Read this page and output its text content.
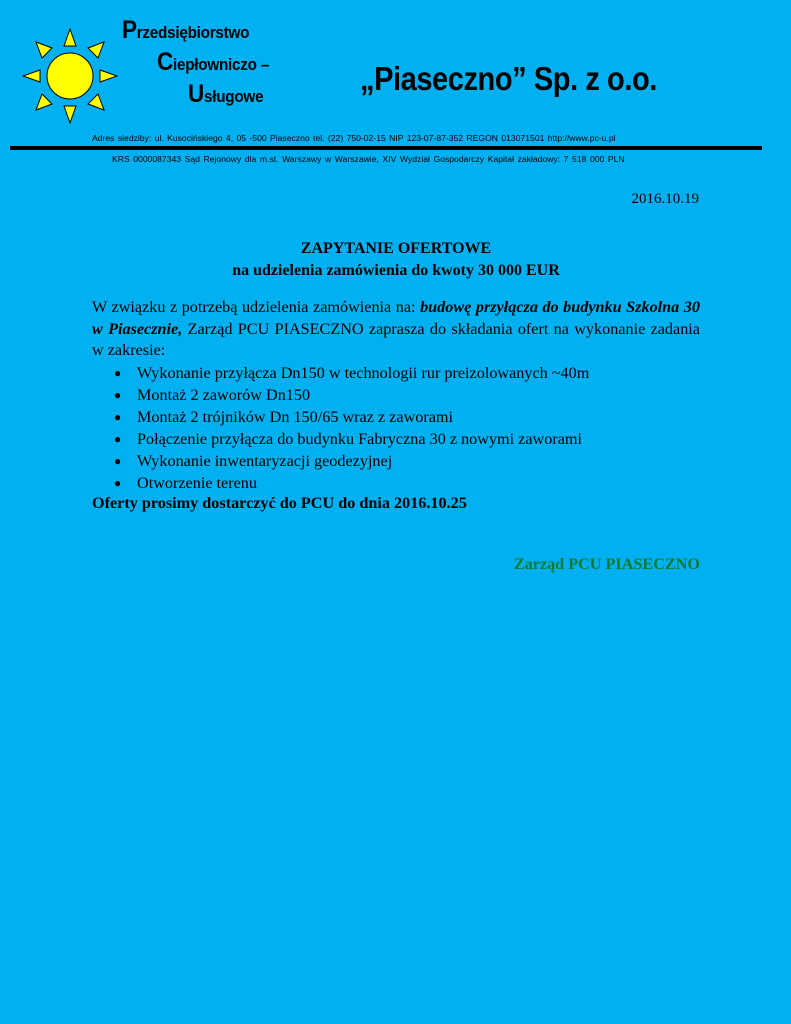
Przedsiębiorstwo
Ciepłowniczo –
Usługowe	„Piaseczno” Sp. z o.o.
Adres siedziby: ul. Kusocińskiego 4, 05 -500 Piaseczno tel. (22) 750-02-15 NIP 123-07-87-352 REGON 013071501 http://www.pc-u.pl
KRS 0000087343 Sąd Rejonowy dla m.st. Warszawy w Warszawie, XIV Wydział Gospodarczy Kapitał zakładowy: 7 518 000 PLN
2016.10.19
ZAPYTANIE OFERTOWE
na udzielenia zamówienia do kwoty 30 000 EUR
W związku z potrzebą udzielenia zamówienia na: budowę przyłącza do budynku Szkolna 30 w Piasecznie, Zarząd PCU PIASECZNO zaprasza do składania ofert na wykonanie zadania w zakresie:
● Wykonanie przyłącza Dn150 w technologii rur preizolowanych ~40m
● Montaż 2 zaworów Dn150
● Montaż 2 trójników Dn 150/65 wraz z zaworami
● Połączenie przyłącza do budynku Fabryczna 30 z nowymi zaworami
● Wykonanie inwentaryzacji geodezyjnej
● Otworzenie terenu
Oferty prosimy dostarczyć do PCU do dnia 2016.10.25
Zarząd PCU PIASECZNO
